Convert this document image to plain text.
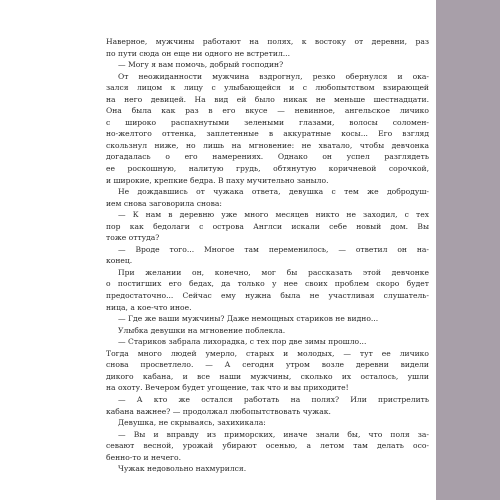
Наверное, мужчины работают на полях, к востоку от деревни, раз
по пути сюда он еще ни одного не встретил...
— Могу я вам помочь, добрый господин?
От неожиданности мужчина вздрогнул, резко обернулся и ока-
зался лицом к лицу с улыбающейся и с любопытством взирающей
на него девицей. На вид ей было никак не меньше шестнадцати.
Она была как раз в его вкусе — невинное, ангельское личико
с широко распахнутыми зелеными глазами, волосы соломен-
но-желтого оттенка, заплетенные в аккуратные косы... Его взгляд
скользнул ниже, но лишь на мгновение: не хватало, чтобы девчонка
догадалась о его намерениях. Однако он успел разглядеть
ее роскошную, налитую грудь, обтянутую коричневой сорочкой,
и широкие, крепкие бедра. В паху мучительно заныло.
Не дождавшись от чужака ответа, девушка с тем же добродуш-
ием снова заговорила снова:
— К нам в деревню уже много месяцев никто не заходил, с тех
пор как бедолаги с острова Англси искали себе новый дом. Вы
тоже оттуда?
— Вроде того... Многое там переменилось, — ответил он на-
конец.
При желании он, конечно, мог бы рассказать этой девчонке
о постигших его бедах, да только у нее своих проблем скоро будет
предостаточно... Сейчас ему нужна была не участливая слушатель-
ница, а кое-что иное.
— Где же ваши мужчины? Даже немощных стариков не видно...
Улыбка девушки на мгновение поблекла.
— Стариков забрала лихорадка, с тех пор две зимы прошло...
Тогда много людей умерло, старых и молодых, — тут ее личико
снова просветлело. — А сегодня утром возле деревни видели
дикого кабана, и все наши мужчины, сколько их осталось, ушли
на охоту. Вечером будет угощение, так что и вы приходите!
— А кто же остался работать на полях? Или пристрелить
кабана важнее? — продолжал любопытствовать чужак.
Девушка, не скрываясь, захихикала:
— Вы и вправду из приморских, иначе знали бы, что поля за-
севают весной, урожай убирают осенью, а летом там делать осо-
бенно-то и нечего.
Чужак недовольно нахмурился.
